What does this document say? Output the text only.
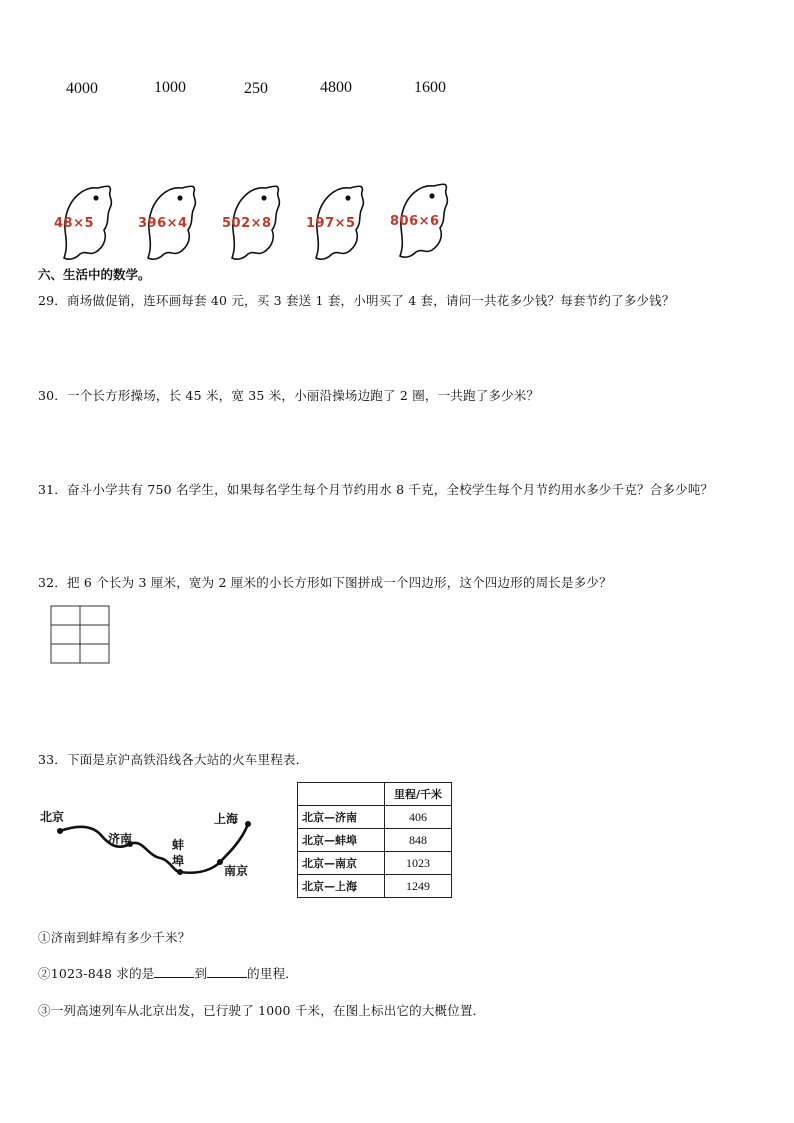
4000	1000	250	4800	1600
48×5	396×4	502×8	197×5	806×6
六、生活中的数学。
29．商场做促销，连环画每套 40 元，买 3 套送 1 套，小明买了 4 套，请问一共花多少钱？每套节约了多少钱？
30．一个长方形操场，长 45 米，宽 35 米，小丽沿操场边跑了 2 圈，一共跑了多少米？
31．奋斗小学共有 750 名学生，如果每名学生每个月节约用水 8 千克，全校学生每个月节约用水多少千克？合多少吨？
32．把 6 个长为 3 厘米，宽为 2 厘米的小长方形如下图拼成一个四边形，这个四边形的周长是多少？
33．下面是京沪高铁沿线各大站的火车里程表．
北京
济南	蚌
埠
南京
上海
	里程/千米
北京—济南	406
北京—蚌埠	848
北京—南京	1023
北京—上海	1249
①济南到蚌埠有多少千米？
②1023-848 求的是	到	的里程．
③一列高速列车从北京出发，已行驶了 1000 千米，在图上标出它的大概位置．
